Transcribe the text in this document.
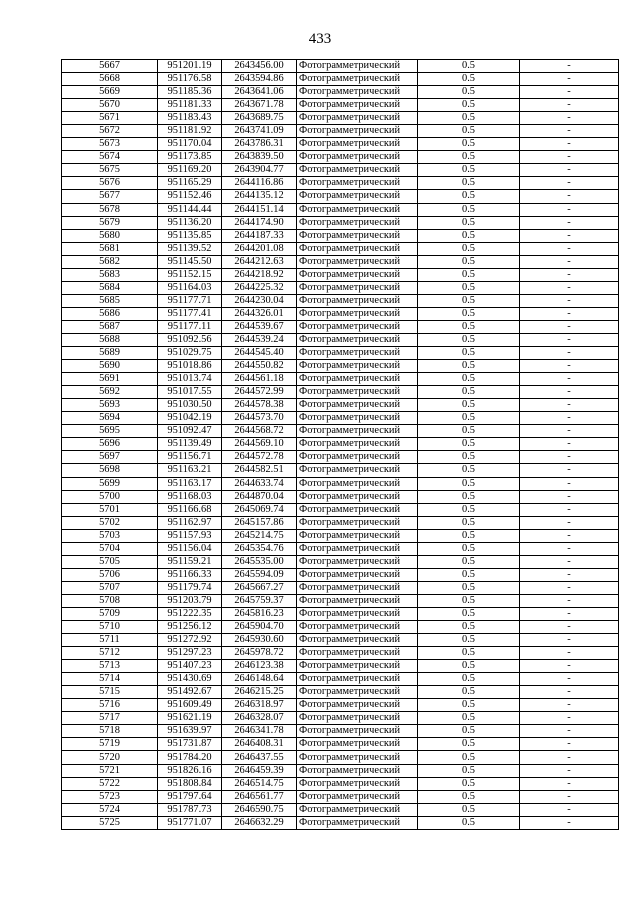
433
5667	951201.19	2643456.00	Фотограмметрический	0.5	-
5668	951176.58	2643594.86	Фотограмметрический	0.5	-
5669	951185.36	2643641.06	Фотограмметрический	0.5	-
5670	951181.33	2643671.78	Фотограмметрический	0.5	-
5671	951183.43	2643689.75	Фотограмметрический	0.5	-
5672	951181.92	2643741.09	Фотограмметрический	0.5	-
5673	951170.04	2643786.31	Фотограмметрический	0.5	-
5674	951173.85	2643839.50	Фотограмметрический	0.5	-
5675	951169.20	2643904.77	Фотограмметрический	0.5	-
5676	951165.29	2644116.86	Фотограмметрический	0.5	-
5677	951152.46	2644135.12	Фотограмметрический	0.5	-
5678	951144.44	2644151.14	Фотограмметрический	0.5	-
5679	951136.20	2644174.90	Фотограмметрический	0.5	-
5680	951135.85	2644187.33	Фотограмметрический	0.5	-
5681	951139.52	2644201.08	Фотограмметрический	0.5	-
5682	951145.50	2644212.63	Фотограмметрический	0.5	-
5683	951152.15	2644218.92	Фотограмметрический	0.5	-
5684	951164.03	2644225.32	Фотограмметрический	0.5	-
5685	951177.71	2644230.04	Фотограмметрический	0.5	-
5686	951177.41	2644326.01	Фотограмметрический	0.5	-
5687	951177.11	2644539.67	Фотограмметрический	0.5	-
5688	951092.56	2644539.24	Фотограмметрический	0.5	-
5689	951029.75	2644545.40	Фотограмметрический	0.5	-
5690	951018.86	2644550.82	Фотограмметрический	0.5	-
5691	951013.74	2644561.18	Фотограмметрический	0.5	-
5692	951017.55	2644572.99	Фотограмметрический	0.5	-
5693	951030.50	2644578.38	Фотограмметрический	0.5	-
5694	951042.19	2644573.70	Фотограмметрический	0.5	-
5695	951092.47	2644568.72	Фотограмметрический	0.5	-
5696	951139.49	2644569.10	Фотограмметрический	0.5	-
5697	951156.71	2644572.78	Фотограмметрический	0.5	-
5698	951163.21	2644582.51	Фотограмметрический	0.5	-
5699	951163.17	2644633.74	Фотограмметрический	0.5	-
5700	951168.03	2644870.04	Фотограмметрический	0.5	-
5701	951166.68	2645069.74	Фотограмметрический	0.5	-
5702	951162.97	2645157.86	Фотограмметрический	0.5	-
5703	951157.93	2645214.75	Фотограмметрический	0.5	-
5704	951156.04	2645354.76	Фотограмметрический	0.5	-
5705	951159.21	2645535.00	Фотограмметрический	0.5	-
5706	951166.33	2645594.09	Фотограмметрический	0.5	-
5707	951179.74	2645667.27	Фотограмметрический	0.5	-
5708	951203.79	2645759.37	Фотограмметрический	0.5	-
5709	951222.35	2645816.23	Фотограмметрический	0.5	-
5710	951256.12	2645904.70	Фотограмметрический	0.5	-
5711	951272.92	2645930.60	Фотограмметрический	0.5	-
5712	951297.23	2645978.72	Фотограмметрический	0.5	-
5713	951407.23	2646123.38	Фотограмметрический	0.5	-
5714	951430.69	2646148.64	Фотограмметрический	0.5	-
5715	951492.67	2646215.25	Фотограмметрический	0.5	-
5716	951609.49	2646318.97	Фотограмметрический	0.5	-
5717	951621.19	2646328.07	Фотограмметрический	0.5	-
5718	951639.97	2646341.78	Фотограмметрический	0.5	-
5719	951731.87	2646408.31	Фотограмметрический	0.5	-
5720	951784.20	2646437.55	Фотограмметрический	0.5	-
5721	951826.16	2646459.39	Фотограмметрический	0.5	-
5722	951808.84	2646514.75	Фотограмметрический	0.5	-
5723	951797.64	2646561.77	Фотограмметрический	0.5	-
5724	951787.73	2646590.75	Фотограмметрический	0.5	-
5725	951771.07	2646632.29	Фотограмметрический	0.5	-
